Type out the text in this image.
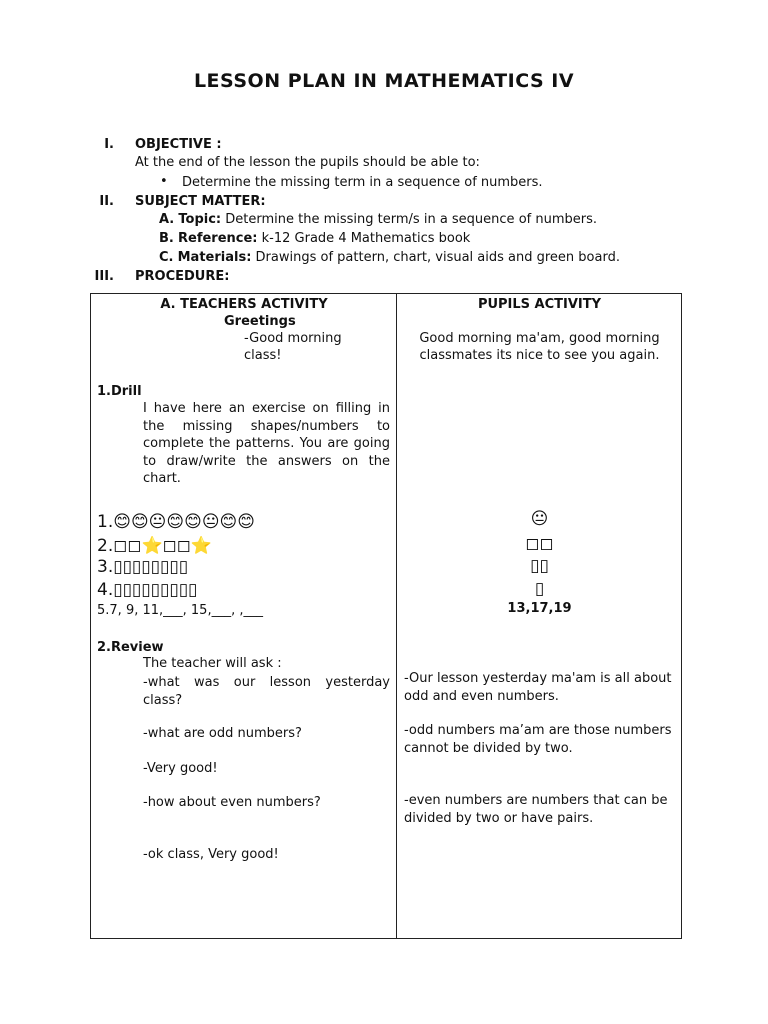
LESSON PLAN IN MATHEMATICS IV
I. OBJECTIVE :
At the end of the lesson the pupils should be able to:
• Determine the missing term in a sequence of numbers.
II. SUBJECT MATTER:
A. Topic: Determine the missing term/s in a sequence of numbers.
B. Reference: k-12 Grade 4 Mathematics book
C. Materials: Drawings of pattern, chart, visual aids and green board.
III. PROCEDURE:
A. TEACHERS ACTIVITY
Greetings
-Good morning
class!
1.Drill
I have here an exercise on filling in the missing shapes/numbers to complete the patterns. You are going to draw/write the answers on the chart.
1.😊😊😐😊😊😐😊😊
2.◻◻⭐◻◻⭐
3.▯▯▯▯▯▯▯▯
4.▯▯▯▯▯▯▯▯▯
5.7, 9, 11,___, 15,___, ,___
2.Review
The teacher will ask :
-what was our lesson yesterday class?
-what are odd numbers?
-Very good!
-how about even numbers?
-ok class, Very good!
PUPILS ACTIVITY
Good morning ma'am, good morning
classmates its nice to see you again.
😐
◻◻
▯▯
▯
13,17,19
-Our lesson yesterday ma'am is all about odd and even numbers.
-odd numbers ma’am are those numbers cannot be divided by two.
-even numbers are numbers that can be divided by two or have pairs.
